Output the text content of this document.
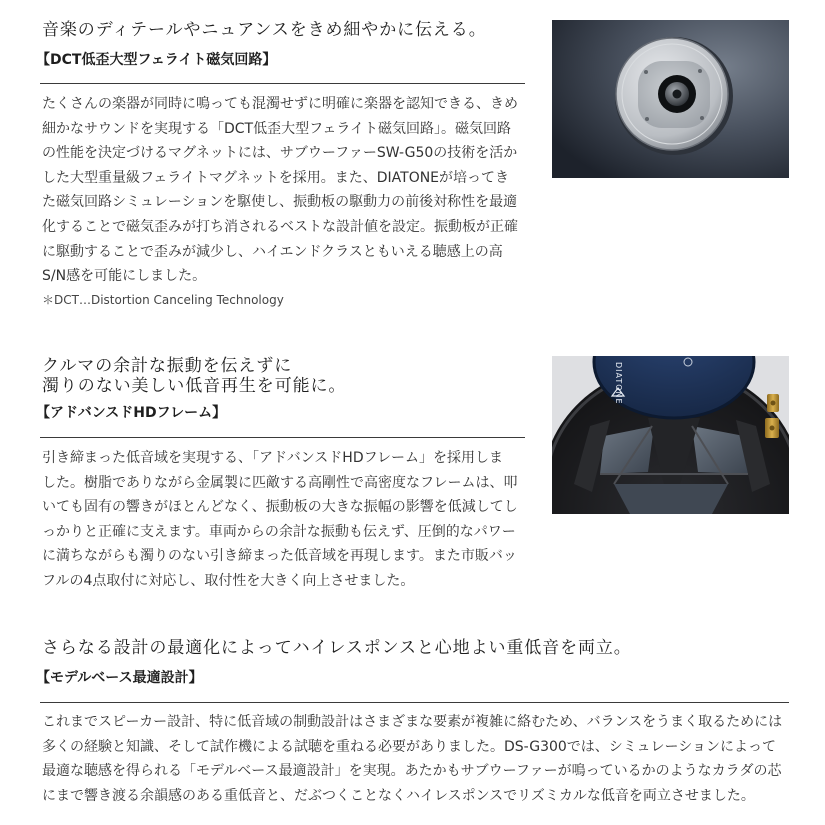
音楽のディテールやニュアンスをきめ細やかに伝える。
【DCT低歪大型フェライト磁気回路】

たくさんの楽器が同時に鳴っても混濁せずに明確に楽器を認知できる、きめ
細かなサウンドを実現する「DCT低歪大型フェライト磁気回路」。磁気回路
の性能を決定づけるマグネットには、サブウーファーSW-G50の技術を活か
した大型重量級フェライトマグネットを採用。また、DIATONEが培ってき
た磁気回路シミュレーションを駆使し、振動板の駆動力の前後対称性を最適
化することで磁気歪みが打ち消されるベストな設計値を設定。振動板が正確
に駆動することで歪みが減少し、ハイエンドクラスともいえる聴感上の高
S/N感を可能にしました。

＊DCT…Distortion Canceling Technology
クルマの余計な振動を伝えずに
濁りのない美しい低音再生を可能に。
【アドバンスドHDフレーム】

引き締まった低音域を実現する、「アドバンスドHDフレーム」を採用しま
した。樹脂でありながら金属製に匹敵する高剛性で高密度なフレームは、叩
いても固有の響きがほとんどなく、振動板の大きな振幅の影響を低減してし
っかりと正確に支えます。車両からの余計な振動も伝えず、圧倒的なパワー
に満ちながらも濁りのない引き締まった低音域を再現します。また市販バッ
フルの4点取付に対応し、取付性を大きく向上させました。

DIATONE
さらなる設計の最適化によってハイレスポンスと心地よい重低音を両立。
【モデルベース最適設計】

これまでスピーカー設計、特に低音域の制動設計はさまざまな要素が複雑に絡むため、バランスをうまく取るためには
多くの経験と知識、そして試作機による試聴を重ねる必要がありました。DS-G300では、シミュレーションによって
最適な聴感を得られる「モデルベース最適設計」を実現。あたかもサブウーファーが鳴っているかのようなカラダの芯
にまで響き渡る余韻感のある重低音と、だぶつくことなくハイレスポンスでリズミカルな低音を両立させました。
